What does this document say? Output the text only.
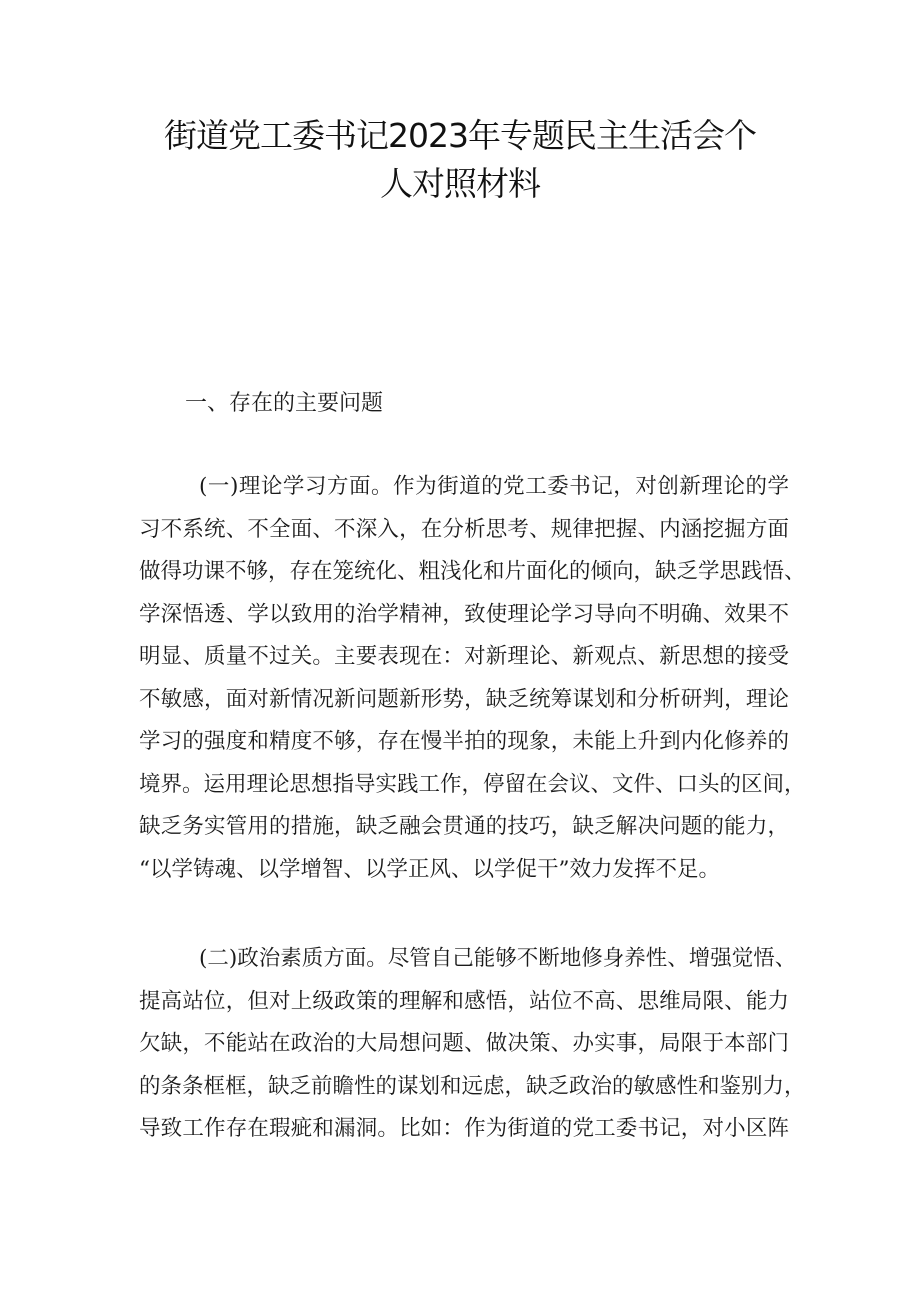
街道党工委书记2023年专题民主生活会个
人对照材料
一、存在的主要问题
(一)理论学习方面。作为街道的党工委书记，对创新理论的学
习不系统、不全面、不深入，在分析思考、规律把握、内涵挖掘方面
做得功课不够，存在笼统化、粗浅化和片面化的倾向，缺乏学思践悟、
学深悟透、学以致用的治学精神，致使理论学习导向不明确、效果不
明显、质量不过关。主要表现在：对新理论、新观点、新思想的接受
不敏感，面对新情况新问题新形势，缺乏统筹谋划和分析研判，理论
学习的强度和精度不够，存在慢半拍的现象，未能上升到内化修养的
境界。运用理论思想指导实践工作，停留在会议、文件、口头的区间，
缺乏务实管用的措施，缺乏融会贯通的技巧，缺乏解决问题的能力，
“以学铸魂、以学增智、以学正风、以学促干”效力发挥不足。
(二)政治素质方面。尽管自己能够不断地修身养性、增强觉悟、
提高站位，但对上级政策的理解和感悟，站位不高、思维局限、能力
欠缺，不能站在政治的大局想问题、做决策、办实事，局限于本部门
的条条框框，缺乏前瞻性的谋划和远虑，缺乏政治的敏感性和鉴别力，
导致工作存在瑕疵和漏洞。比如：作为街道的党工委书记，对小区阵
